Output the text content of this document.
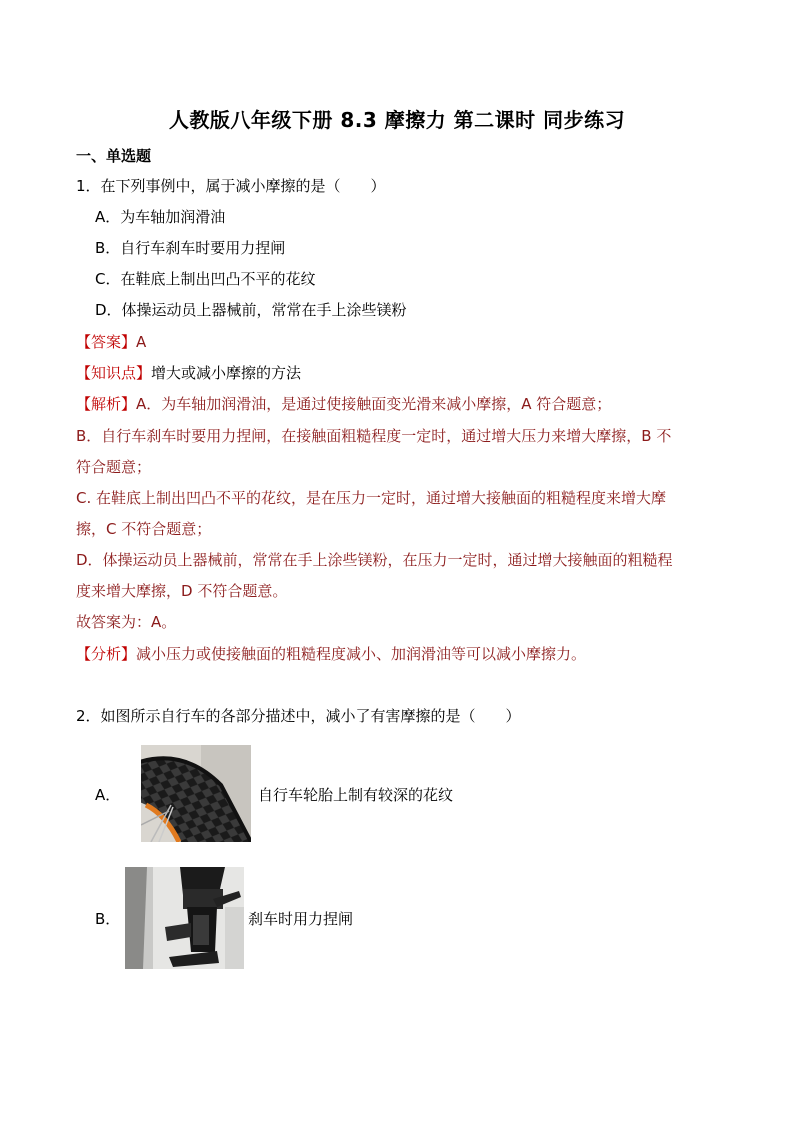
人教版八年级下册 8.3 摩擦力 第二课时 同步练习
一、单选题
1．在下列事例中，属于减小摩擦的是（　　）
A．为车轴加润滑油
B．自行车刹车时要用力捏闸
C．在鞋底上制出凹凸不平的花纹
D．体操运动员上器械前，常常在手上涂些镁粉
【答案】A
【知识点】增大或减小摩擦的方法
【解析】A．为车轴加润滑油，是通过使接触面变光滑来减小摩擦，A 符合题意；
B．自行车刹车时要用力捏闸，在接触面粗糙程度一定时，通过增大压力来增大摩擦，B 不
符合题意；
C. 在鞋底上制出凹凸不平的花纹，是在压力一定时，通过增大接触面的粗糙程度来增大摩
擦，C 不符合题意；
D．体操运动员上器械前，常常在手上涂些镁粉，在压力一定时，通过增大接触面的粗糙程
度来增大摩擦，D 不符合题意。
故答案为：A。
【分析】减小压力或使接触面的粗糙程度减小、加润滑油等可以减小摩擦力。
2．如图所示自行车的各部分描述中，减小了有害摩擦的是（　　）
A．	自行车轮胎上制有较深的花纹
B．	刹车时用力捏闸
